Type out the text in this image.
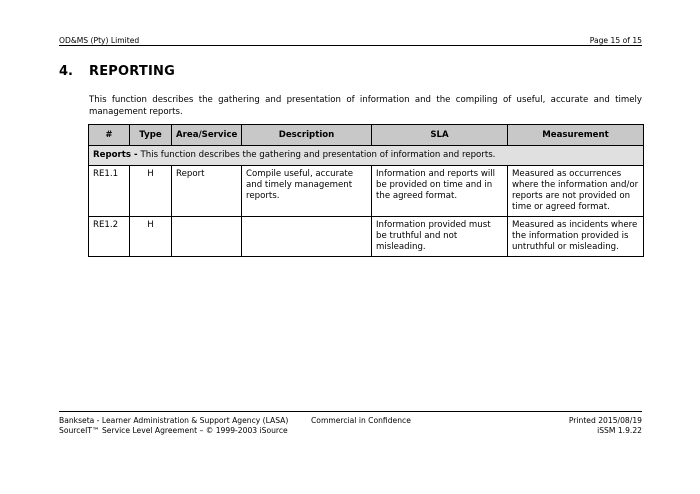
OD&MS (Pty) Limited	Page 15 of 15
4. REPORTING
This function describes the gathering and presentation of information and the compiling of useful, accurate and timely management reports.
#	Type	Area/Service	Description	SLA	Measurement
Reports - This function describes the gathering and presentation of information and reports.					
RE1.1	H	Report	Compile useful, accurate and timely management reports.	Information and reports will be provided on time and in the agreed format.	Measured as occurrences where the information and/or reports are not provided on time or agreed format.
RE1.2	H			Information provided must be truthful and not misleading.	Measured as incidents where the information provided is untruthful or misleading.
Bankseta - Learner Administration & Support Agency (LASA)
SourceIT™ Service Level Agreement – © 1999-2003 iSource
Commercial in Confidence	Printed 2015/08/19
iSSM 1.9.22
